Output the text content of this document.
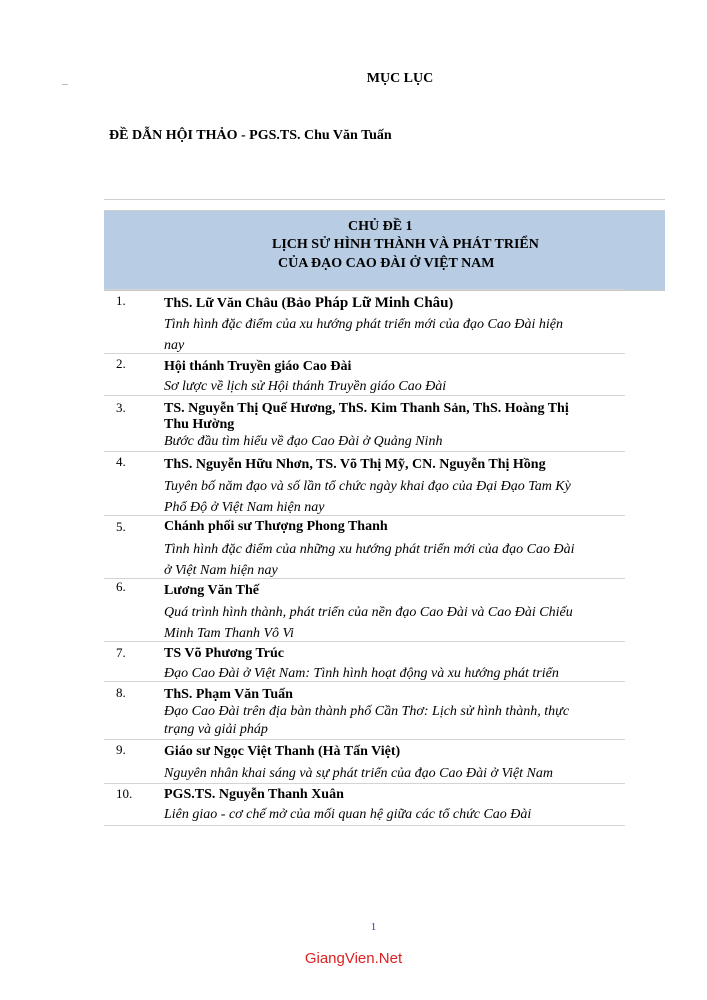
MỤC LỤC
ĐỀ DẪN HỘI THẢO - PGS.TS. Chu Văn Tuấn
CHỦ ĐỀ 1
LỊCH SỬ HÌNH THÀNH VÀ PHÁT TRIỂN
CỦA ĐẠO CAO ĐÀI Ở VIỆT NAM
1.	ThS. Lữ Văn Châu (Bảo Pháp Lữ Minh Châu)
Tình hình đặc điểm của xu hướng phát triển mới của đạo Cao Đài hiện
nay
2.	Hội thánh Truyền giáo Cao Đài
Sơ lược về lịch sử Hội thánh Truyền giáo Cao Đài
3.	TS. Nguyễn Thị Quế Hương, ThS. Kim Thanh Sản, ThS. Hoàng Thị
Thu Hường
Bước đầu tìm hiểu về đạo Cao Đài ở Quảng Ninh
4.	ThS. Nguyễn Hữu Nhơn, TS. Võ Thị Mỹ, CN. Nguyễn Thị Hồng
Tuyên bố năm đạo và số lần tổ chức ngày khai đạo của Đại Đạo Tam Kỳ
Phổ Độ ở Việt Nam hiện nay
5.	Chánh phối sư Thượng Phong Thanh
Tình hình đặc điểm của những xu hướng phát triển mới của đạo Cao Đài
ở Việt Nam hiện nay
6.	Lương Văn Thế
Quá trình hình thành, phát triển của nền đạo Cao Đài và Cao Đài Chiếu
Minh Tam Thanh Vô Vi
7.	TS Võ Phương Trúc
Đạo Cao Đài ở Việt Nam: Tình hình hoạt động và xu hướng phát triển
8.	ThS. Phạm Văn Tuấn
Đạo Cao Đài trên địa bàn thành phố Cần Thơ: Lịch sử hình thành, thực
trạng và giải pháp
9.	Giáo sư Ngọc Việt Thanh (Hà Tấn Việt)
Nguyên nhân khai sáng và sự phát triển của đạo Cao Đài ở Việt Nam
10. PGS.TS. Nguyễn Thanh Xuân
Liên giao - cơ chế mở của mối quan hệ giữa các tổ chức Cao Đài
1
GiangVien.Net
